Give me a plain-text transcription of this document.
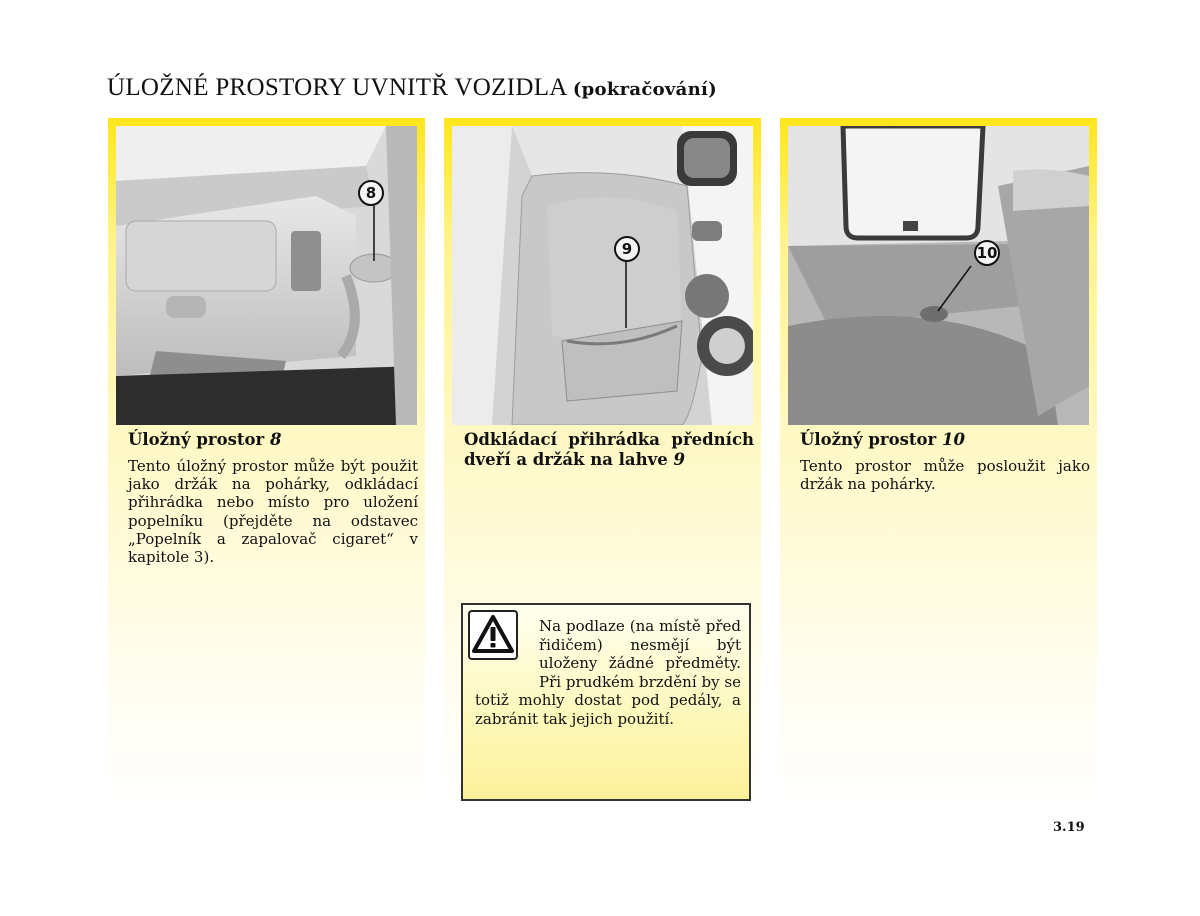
ÚLOŽNÉ PROSTORY UVNITŘ VOZIDLA (pokračování)
8
Úložný prostor 8
Tento úložný prostor může být použit jako držák na pohárky, odkládací přihrádka nebo místo pro uložení popelníku (přejděte na odstavec „Popelník a zapalovač cigaret“ v kapitole 3).
9
Odkládací přihrádka předních dveří a držák na lahve 9
10
Úložný prostor 10
Tento prostor může posloužit jako držák na pohárky.
Na podlaze (na místě před řidičem) nesmějí být uloženy žádné předměty. Při prudkém brzdění by se totiž mohly dostat pod pedály, a zabránit tak jejich použití.
3.19
